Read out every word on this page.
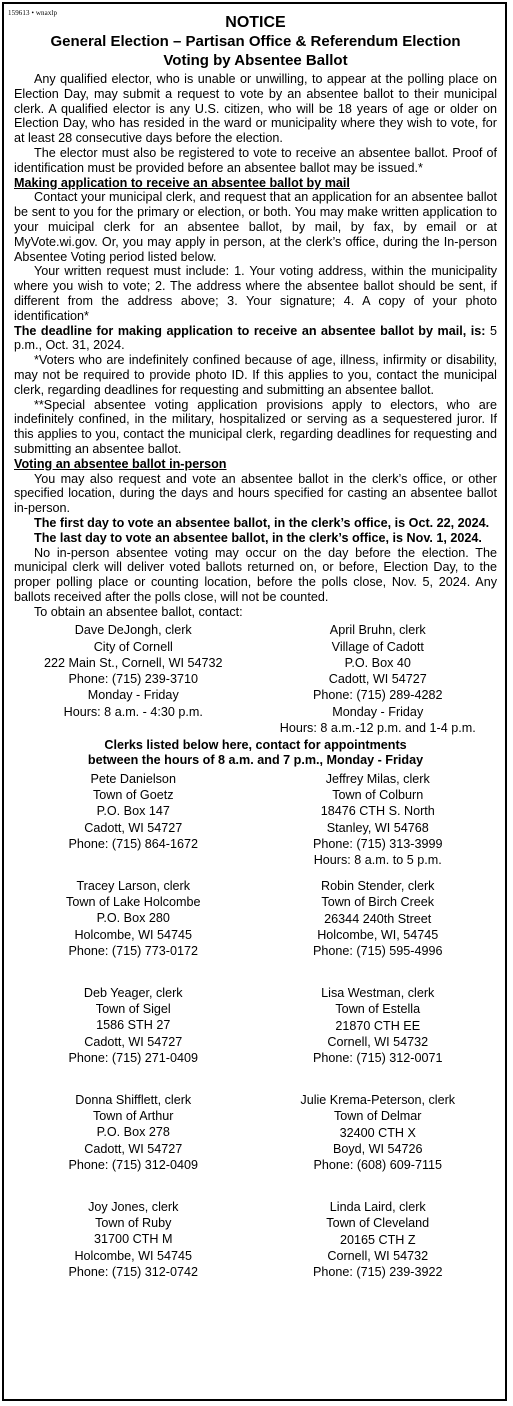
159613 • wnaxlp
NOTICE
General Election – Partisan Office & Referendum Election
Voting by Absentee Ballot

Any qualified elector, who is unable or unwilling, to appear at the polling place on Election Day, may submit a request to vote by an absentee ballot to their municipal clerk. A qualified elector is any U.S. citizen, who will be 18 years of age or older on Election Day, who has resided in the ward or municipality where they wish to vote, for at least 28 consecutive days before the election.

The elector must also be registered to vote to receive an absentee ballot. Proof of identification must be provided before an absentee ballot may be issued.*

Making application to receive an absentee ballot by mail

Contact your municipal clerk, and request that an application for an absentee ballot be sent to you for the primary or election, or both. You may make written application to your muicipal clerk for an absentee ballot, by mail, by fax, by email or at MyVote.wi.gov. Or, you may apply in person, at the clerk’s office, during the In-person Absentee Voting period listed below.

Your written request must include: 1. Your voting address, within the municipality where you wish to vote; 2. The address where the absentee ballot should be sent, if different from the address above; 3. Your signature; 4. A copy of your photo identification*

The deadline for making application to receive an absentee ballot by mail, is: 5 p.m., Oct. 31, 2024.

*Voters who are indefinitely confined because of age, illness, infirmity or disability, may not be required to provide photo ID. If this applies to you, contact the municipal clerk, regarding deadlines for requesting and submitting an absentee ballot.

**Special absentee voting application provisions apply to electors, who are indefinitely confined, in the military, hospitalized or serving as a sequestered juror. If this applies to you, contact the municipal clerk, regarding deadlines for requesting and submitting an absentee ballot.

Voting an absentee ballot in-person

You may also request and vote an absentee ballot in the clerk’s office, or other specified location, during the days and hours specified for casting an absentee ballot in-person.

The first day to vote an absentee ballot, in the clerk’s office, is Oct. 22, 2024.

The last day to vote an absentee ballot, in the clerk’s office, is Nov. 1, 2024.

No in-person absentee voting may occur on the day before the election. The municipal clerk will deliver voted ballots returned on, or before, Election Day, to the proper polling place or counting location, before the polls close, Nov. 5, 2024. Any ballots received after the polls close, will not be counted.

To obtain an absentee ballot, contact:

Dave DeJongh, clerk
City of Cornell
222 Main St., Cornell, WI 54732
Phone: (715) 239-3710
Monday - Friday
Hours: 8 a.m. - 4:30 p.m.
April Bruhn, clerk
Village of Cadott
P.O. Box 40
Cadott, WI 54727
Phone: (715) 289-4282
Monday - Friday
Hours: 8 a.m.-12 p.m. and 1-4 p.m.
Clerks listed below here, contact for appointments
between the hours of 8 a.m. and 7 p.m., Monday - Friday
Pete Danielson
Town of Goetz
P.O. Box 147
Cadott, WI 54727
Phone: (715) 864-1672
Tracey Larson, clerk
Town of Lake Holcombe
P.O. Box 280
Holcombe, WI 54745
Phone: (715) 773-0172
Deb Yeager, clerk
Town of Sigel
1586 STH 27
Cadott, WI 54727
Phone: (715) 271-0409
Donna Shifflett, clerk
Town of Arthur
P.O. Box 278
Cadott, WI 54727
Phone: (715) 312-0409
Joy Jones, clerk
Town of Ruby
31700 CTH M
Holcombe, WI 54745
Phone: (715) 312-0742
Jeffrey Milas, clerk
Town of Colburn
18476 CTH S. North
Stanley, WI 54768
Phone: (715) 313-3999
Hours: 8 a.m. to 5 p.m.
Robin Stender, clerk
Town of Birch Creek
26344 240th Street
Holcombe, WI, 54745
Phone: (715) 595-4996
Lisa Westman, clerk
Town of Estella
21870 CTH EE
Cornell, WI 54732
Phone: (715) 312-0071
Julie Krema-Peterson, clerk
Town of Delmar
32400 CTH X
Boyd, WI 54726
Phone: (608) 609-7115
Linda Laird, clerk
Town of Cleveland
20165 CTH Z
Cornell, WI 54732
Phone: (715) 239-3922
